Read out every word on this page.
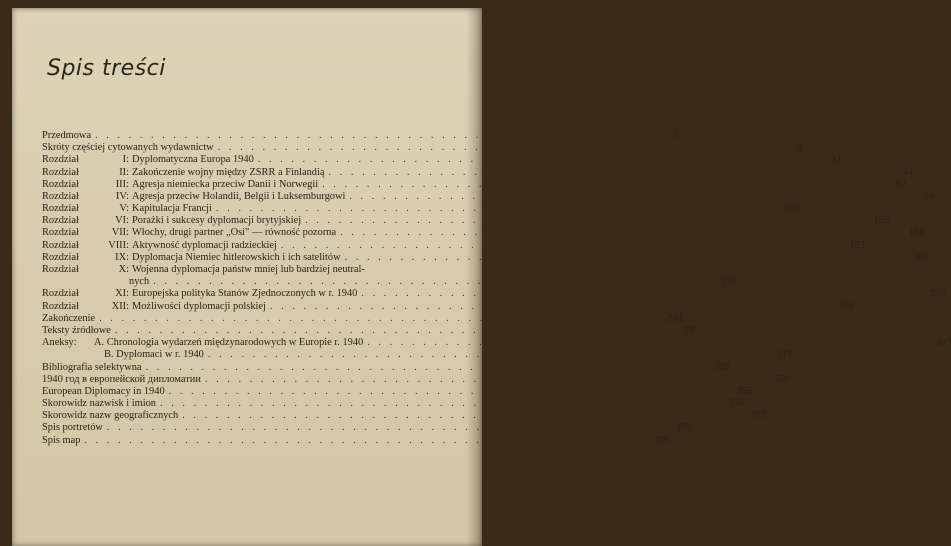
Spis treści
Przedmowa . . .	5
Skróty częściej cytowanych wydawnictw . . .	9
Rozdział	I: Dyplomatyczna Europa 1940 . . .	11
Rozdział	II: Zakończenie wojny między ZSRR a Finlandią . . .	34
Rozdział	III: Agresja niemiecka przeciw Danii i Norwegii . . .	62
Rozdział	IV: Agresja przeciw Holandii, Belgii i Luksemburgowi . . .	94
Rozdział	V: Kapitulacja Francji . . .	105
Rozdział	VI: Porażki i sukcesy dyplomacji brytyjskiej . . .	135
Rozdział	VII: Włochy, drugi partner „Osi" — równość pozorna . . .	158
Rozdział	VIII: Aktywność dyplomacji radzieckiej . . .	183
Rozdział	IX: Dyplomacja Niemiec hitlerowskich i ich satelitów . . .	205
Rozdział	X: Wojenna dyplomacja państw mniej lub bardziej neutral-
nych . . .	230
Rozdział	XI: Europejska polityka Stanów Zjednoczonych w r. 1940 . . .	256
Rozdział	XII: Możliwości dyplomacji polskiej . . .	268
Zakończenie . . .	281
Teksty źródłowe . . .	287
Aneksy:	A. Chronologia wydarzeń międzynarodowych w Europie r. 1940 . . .	309
B. Dyplomaci w r. 1940 . . .	317
Bibliografia selektywna . . .	326
1940 год в европейской дипломатии . . .	350
European Diplomacy in 1940 . . .	355
Skorowidz nazwisk i imion . . .	359
Skorowidz nazw geograficznych . . .	372
Spis portretów . . .	379
Spis map . . .	379
